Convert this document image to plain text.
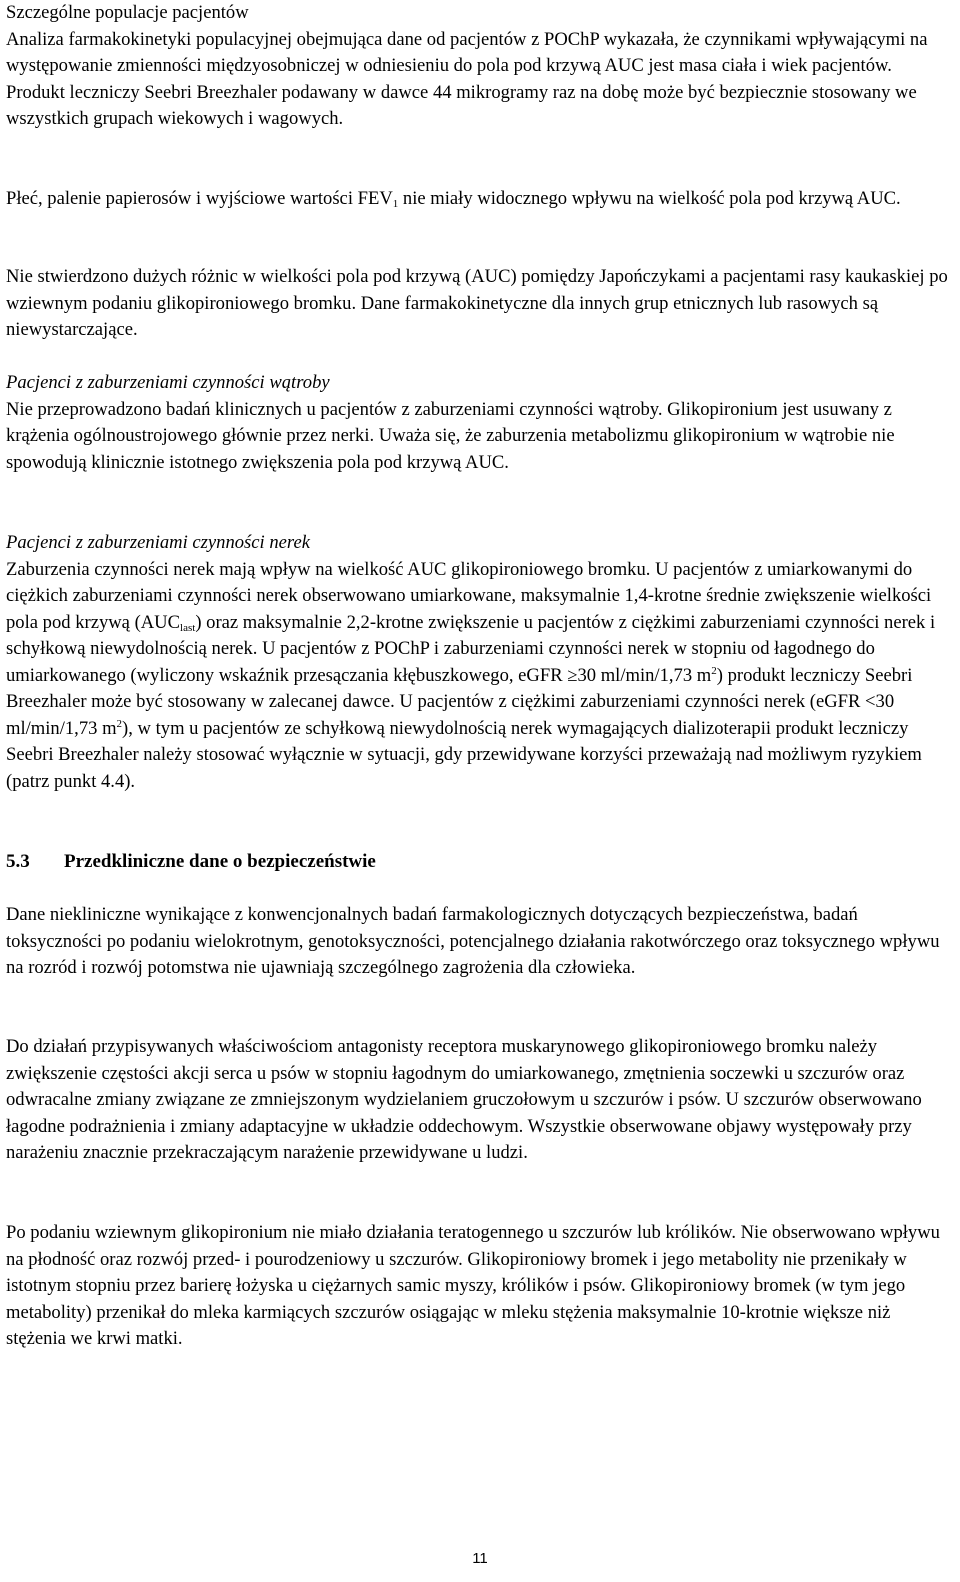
Szczególne populacje pacjentów
Analiza farmakokinetyki populacyjnej obejmująca dane od pacjentów z POChP wykazała, że czynnikami wpływającymi na występowanie zmienności międzyosobniczej w odniesieniu do pola pod krzywą AUC jest masa ciała i wiek pacjentów. Produkt leczniczy Seebri Breezhaler podawany w dawce 44 mikrogramy raz na dobę może być bezpiecznie stosowany we wszystkich grupach wiekowych i wagowych.

Płeć, palenie papierosów i wyjściowe wartości $FEV_1$ nie miały widocznego wpływu na wielkość pola pod krzywą AUC.

Nie stwierdzono dużych różnic w wielkości pola pod krzywą (AUC) pomiędzy Japończykami a pacjentami rasy kaukaskiej po wziewnym podaniu glikopironiowego bromku. Dane farmakokinetyczne dla innych grup etnicznych lub rasowych są niewystarczające.

Pacjenci z zaburzeniami czynności wątroby
Nie przeprowadzono badań klinicznych u pacjentów z zaburzeniami czynności wątroby. Glikopironium jest usuwany z krążenia ogólnoustrojowego głównie przez nerki. Uważa się, że zaburzenia metabolizmu glikopironium w wątrobie nie spowodują klinicznie istotnego zwiększenia pola pod krzywą AUC.

Pacjenci z zaburzeniami czynności nerek
Zaburzenia czynności nerek mają wpływ na wielkość AUC glikopironiowego bromku. U pacjentów z umiarkowanymi do ciężkich zaburzeniami czynności nerek obserwowano umiarkowane, maksymalnie 1,4-krotne średnie zwiększenie wielkości pola pod krzywą $(AUC_{last})$ oraz maksymalnie 2,2-krotne zwiększenie u pacjentów z ciężkimi zaburzeniami czynności nerek i schyłkową niewydolnością nerek. U pacjentów z POChP i zaburzeniami czynności nerek w stopniu od łagodnego do umiarkowanego (wyliczony wskaźnik przesączania kłębuszkowego, eGFR ≥30 ml/min/1,73 $m^2$) produkt leczniczy Seebri Breezhaler może być stosowany w zalecanej dawce. U pacjentów z ciężkimi zaburzeniami czynności nerek (eGFR <30 ml/min/1,73 $m^2$), w tym u pacjentów ze schyłkową niewydolnością nerek wymagających dializoterapii produkt leczniczy Seebri Breezhaler należy stosować wyłącznie w sytuacji, gdy przewidywane korzyści przeważają nad możliwym ryzykiem (patrz punkt 4.4).

5.3 Przedkliniczne dane o bezpieczeństwie

Dane niekliniczne wynikające z konwencjonalnych badań farmakologicznych dotyczących bezpieczeństwa, badań toksyczności po podaniu wielokrotnym, genotoksyczności, potencjalnego działania rakotwórczego oraz toksycznego wpływu na rozród i rozwój potomstwa nie ujawniają szczególnego zagrożenia dla człowieka.

Do działań przypisywanych właściwościom antagonisty receptora muskarynowego glikopironiowego bromku należy zwiększenie częstości akcji serca u psów w stopniu łagodnym do umiarkowanego, zmętnienia soczewki u szczurów oraz odwracalne zmiany związane ze zmniejszonym wydzielaniem gruczołowym u szczurów i psów. U szczurów obserwowano łagodne podrażnienia i zmiany adaptacyjne w układzie oddechowym. Wszystkie obserwowane objawy występowały przy narażeniu znacznie przekraczającym narażenie przewidywane u ludzi.

Po podaniu wziewnym glikopironium nie miało działania teratogennego u szczurów lub królików. Nie obserwowano wpływu na płodność oraz rozwój przed- i pourodzeniowy u szczurów. Glikopironiowy bromek i jego metabolity nie przenikały w istotnym stopniu przez barierę łożyska u ciężarnych samic myszy, królików i psów. Glikopironiowy bromek (w tym jego metabolity) przenikał do mleka karmiących szczurów osiągając w mleku stężenia maksymalnie 10-krotnie większe niż stężenia we krwi matki.

11
